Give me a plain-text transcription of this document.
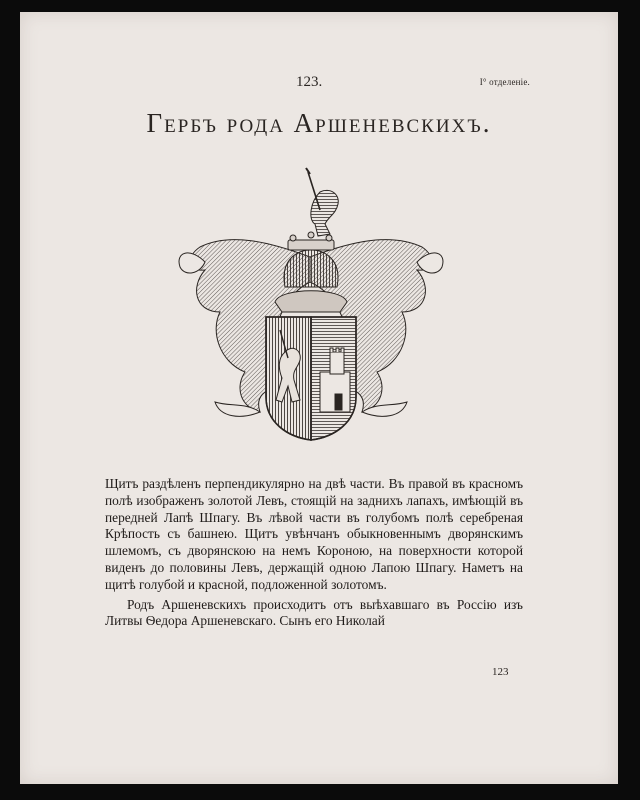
123.	I° отделеніе.
Гербъ рода Аршеневскихъ.

Щитъ раздѣленъ перпендикулярно на двѣ части. Въ правой въ красномъ полѣ изображенъ золотой Левъ, стоящій на заднихъ лапахъ, имѣющій въ передней Лапѣ Шпагу. Въ лѣвой части въ голубомъ полѣ серебреная Крѣпость съ башнею. Щитъ увѣнчанъ обыкновеннымъ дворянскимъ шлемомъ, съ дворянскою на немъ Короною, на поверхности которой виденъ до половины Левъ, держащій одною Лапою Шпагу. Наметъ на щитѣ голубой и красной, подложенной золотомъ.

Родъ Аршеневскихъ происходитъ отъ выѣхавшаго въ Россію изъ Литвы Ѳедора Аршеневскаго. Сынъ его Николай

123
